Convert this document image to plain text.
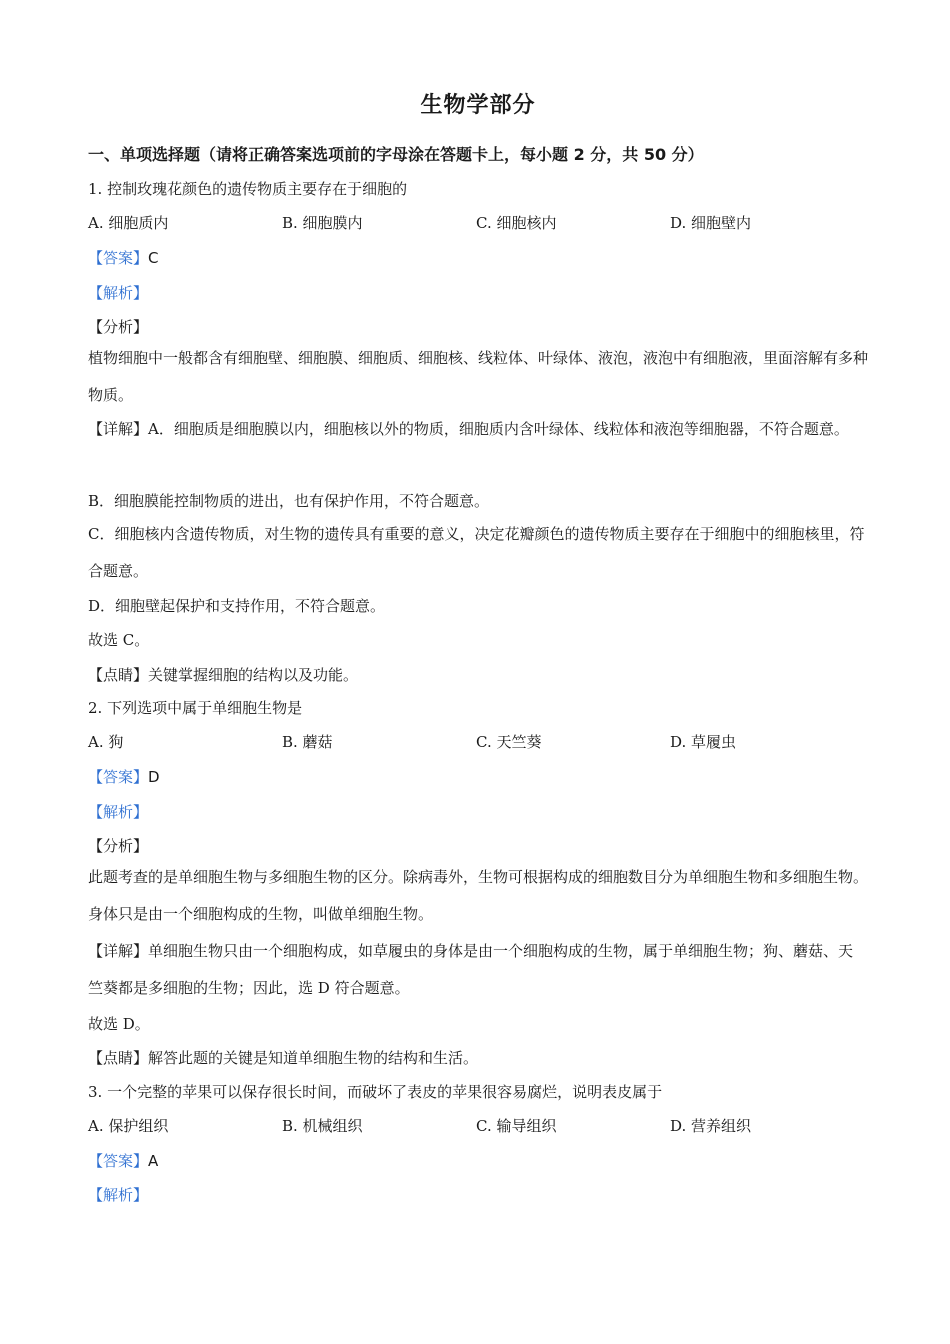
生物学部分
一、单项选择题（请将正确答案选项前的字母涂在答题卡上，每小题 2 分，共 50 分）
1. 控制玫瑰花颜色的遗传物质主要存在于细胞的
A. 细胞质内	B. 细胞膜内	C. 细胞核内	D. 细胞壁内
【答案】C
【解析】
【分析】
植物细胞中一般都含有细胞壁、细胞膜、细胞质、细胞核、线粒体、叶绿体、液泡，液泡中有细胞液，里面溶解有多种物质。
【详解】A．细胞质是细胞膜以内，细胞核以外的物质，细胞质内含叶绿体、线粒体和液泡等细胞器，不符合题意。
B．细胞膜能控制物质的进出，也有保护作用，不符合题意。
C．细胞核内含遗传物质，对生物的遗传具有重要的意义，决定花瓣颜色的遗传物质主要存在于细胞中的细胞核里，符合题意。
D．细胞壁起保护和支持作用，不符合题意。
故选 C。
【点睛】关键掌握细胞的结构以及功能。
2. 下列选项中属于单细胞生物是
A. 狗	B. 蘑菇	C. 天竺葵	D. 草履虫
【答案】D
【解析】
【分析】
此题考查的是单细胞生物与多细胞生物的区分。除病毒外，生物可根据构成的细胞数目分为单细胞生物和多细胞生物。身体只是由一个细胞构成的生物，叫做单细胞生物。
【详解】单细胞生物只由一个细胞构成，如草履虫的身体是由一个细胞构成的生物，属于单细胞生物；狗、蘑菇、天竺葵都是多细胞的生物；因此，选 D 符合题意。
故选 D。
【点睛】解答此题的关键是知道单细胞生物的结构和生活。
3. 一个完整的苹果可以保存很长时间，而破坏了表皮的苹果很容易腐烂，说明表皮属于
A. 保护组织	B. 机械组织	C. 输导组织	D. 营养组织
【答案】A
【解析】
